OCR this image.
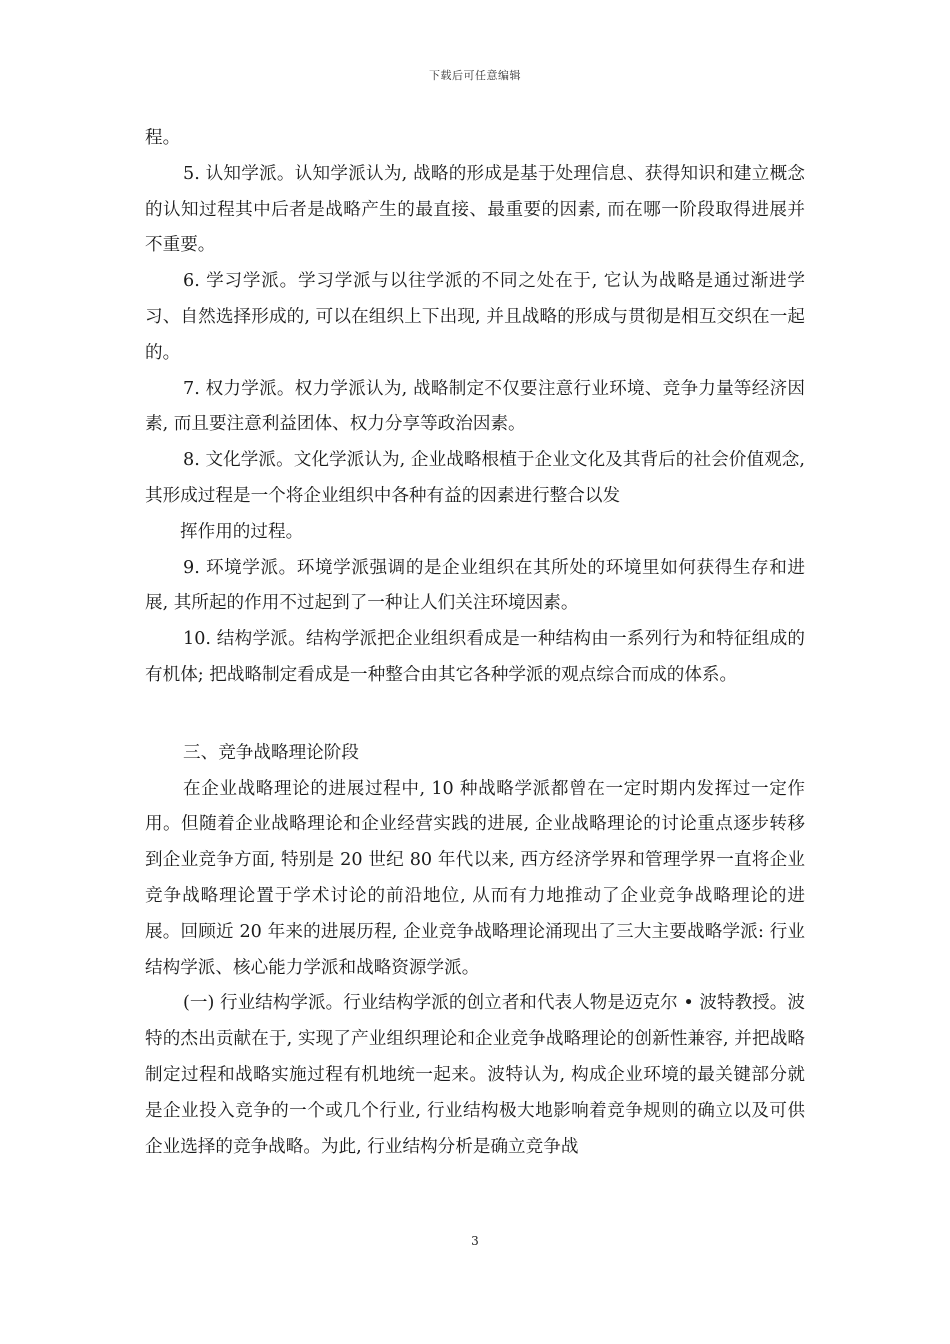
下载后可任意编辑

程。

5. 认知学派。认知学派认为, 战略的形成是基于处理信息、获得知识和建立概念的认知过程其中后者是战略产生的最直接、最重要的因素, 而在哪一阶段取得进展并不重要。

6. 学习学派。学习学派与以往学派的不同之处在于, 它认为战略是通过渐进学习、自然选择形成的, 可以在组织上下出现, 并且战略的形成与贯彻是相互交织在一起的。

7. 权力学派。权力学派认为, 战略制定不仅要注意行业环境、竞争力量等经济因素, 而且要注意利益团体、权力分享等政治因素。

8. 文化学派。文化学派认为, 企业战略根植于企业文化及其背后的社会价值观念, 其形成过程是一个将企业组织中各种有益的因素进行整合以发

挥作用的过程。

9. 环境学派。环境学派强调的是企业组织在其所处的环境里如何获得生存和进展, 其所起的作用不过起到了一种让人们关注环境因素。

10. 结构学派。结构学派把企业组织看成是一种结构由一系列行为和特征组成的有机体; 把战略制定看成是一种整合由其它各种学派的观点综合而成的体系。

三、竞争战略理论阶段

在企业战略理论的进展过程中, 10 种战略学派都曾在一定时期内发挥过一定作用。但随着企业战略理论和企业经营实践的进展, 企业战略理论的讨论重点逐步转移到企业竞争方面, 特别是 20 世纪 80 年代以来, 西方经济学界和管理学界一直将企业竞争战略理论置于学术讨论的前沿地位, 从而有力地推动了企业竞争战略理论的进展。回顾近 20 年来的进展历程, 企业竞争战略理论涌现出了三大主要战略学派: 行业结构学派、核心能力学派和战略资源学派。

(一) 行业结构学派。行业结构学派的创立者和代表人物是迈克尔 • 波特教授。波特的杰出贡献在于, 实现了产业组织理论和企业竞争战略理论的创新性兼容, 并把战略制定过程和战略实施过程有机地统一起来。波特认为, 构成企业环境的最关键部分就是企业投入竞争的一个或几个行业, 行业结构极大地影响着竞争规则的确立以及可供企业选择的竞争战略。为此, 行业结构分析是确立竞争战

3
